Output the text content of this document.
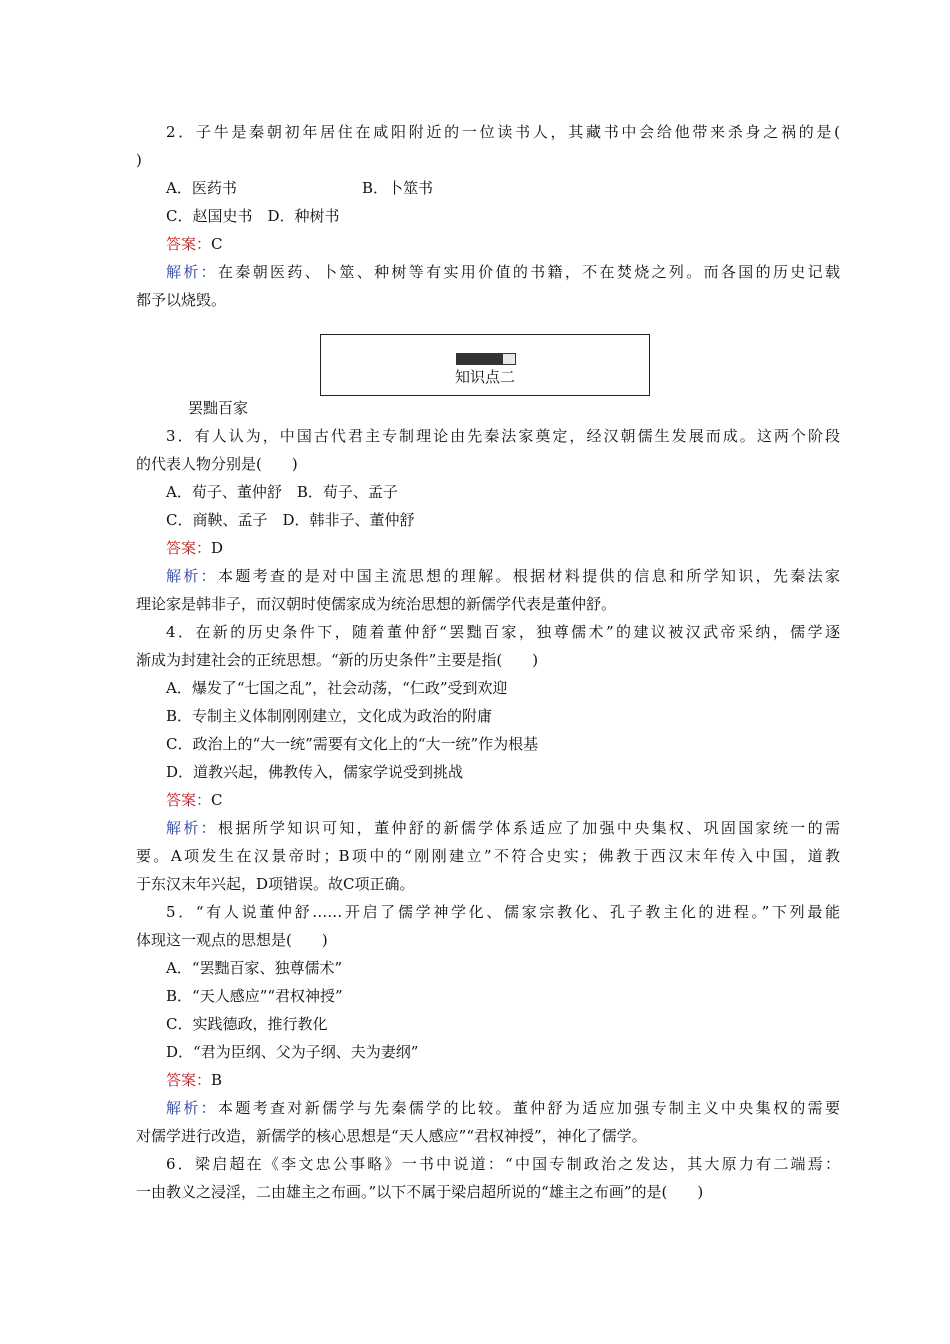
2．子牛是秦朝初年居住在咸阳附近的一位读书人，其藏书中会给他带来杀身之祸的是(
)
A．医药书	B．卜筮书
C．赵国史书　D．种树书
答案：C
解析：在秦朝医药、卜筮、种树等有实用价值的书籍，不在焚烧之列。而各国的历史记载
都予以烧毁。
知识点二
罢黜百家
3．有人认为，中国古代君主专制理论由先秦法家奠定，经汉朝儒生发展而成。这两个阶段
的代表人物分别是(　　)
A．荀子、董仲舒　B．荀子、孟子
C．商鞅、孟子　D．韩非子、董仲舒
答案：D
解析：本题考查的是对中国主流思想的理解。根据材料提供的信息和所学知识，先秦法家
理论家是韩非子，而汉朝时使儒家成为统治思想的新儒学代表是董仲舒。
4．在新的历史条件下，随着董仲舒“罢黜百家，独尊儒术”的建议被汉武帝采纳，儒学逐
渐成为封建社会的正统思想。“新的历史条件”主要是指(　　)
A．爆发了“七国之乱”，社会动荡，“仁政”受到欢迎
B．专制主义体制刚刚建立，文化成为政治的附庸
C．政治上的“大一统”需要有文化上的“大一统”作为根基
D．道教兴起，佛教传入，儒家学说受到挑战
答案：C
解析：根据所学知识可知，董仲舒的新儒学体系适应了加强中央集权、巩固国家统一的需
要。A项发生在汉景帝时；B项中的“刚刚建立”不符合史实；佛教于西汉末年传入中国，道教
于东汉末年兴起，D项错误。故C项正确。
5．“有人说董仲舒……开启了儒学神学化、儒家宗教化、孔子教主化的进程。”下列最能
体现这一观点的思想是(　　)
A．“罢黜百家、独尊儒术”
B．“天人感应”“君权神授”
C．实践德政，推行教化
D．“君为臣纲、父为子纲、夫为妻纲”
答案：B
解析：本题考查对新儒学与先秦儒学的比较。董仲舒为适应加强专制主义中央集权的需要
对儒学进行改造，新儒学的核心思想是“天人感应”“君权神授”，神化了儒学。
6．梁启超在《李文忠公事略》一书中说道：“中国专制政治之发达，其大原力有二端焉：
一由教义之浸淫，二由雄主之布画。”以下不属于梁启超所说的“雄主之布画”的是(　　)
